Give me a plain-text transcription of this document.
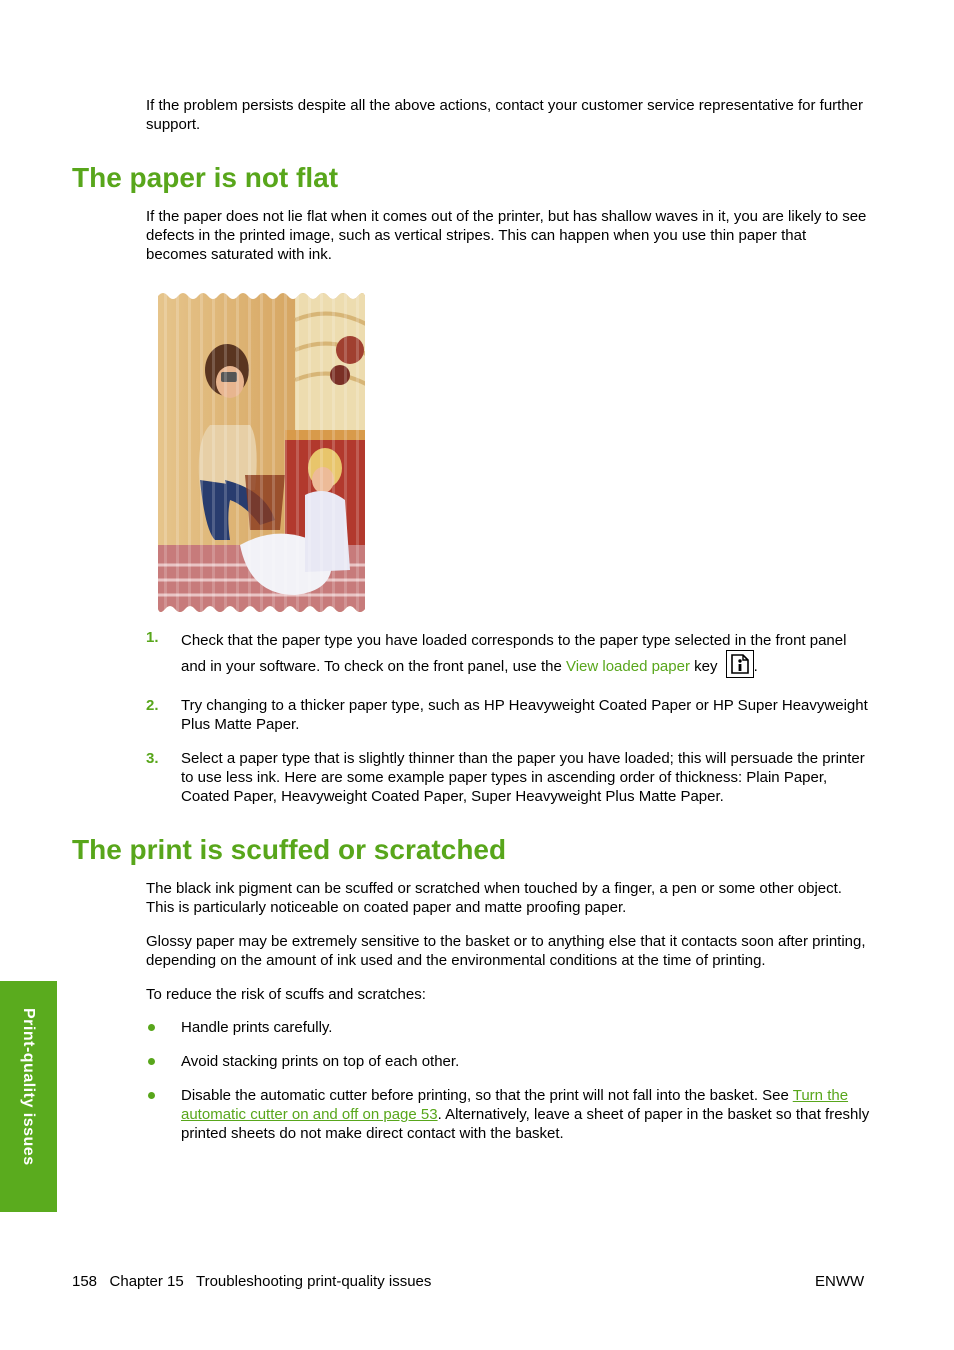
If the problem persists despite all the above actions, contact your customer service representative for further support.

The paper is not flat

If the paper does not lie flat when it comes out of the printer, but has shallow waves in it, you are likely to see defects in the printed image, such as vertical stripes. This can happen when you use thin paper that becomes saturated with ink.

1. Check that the paper type you have loaded corresponds to the paper type selected in the front panel and in your software. To check on the front panel, use the View loaded paper key .

2. Try changing to a thicker paper type, such as HP Heavyweight Coated Paper or HP Super Heavyweight Plus Matte Paper.

3. Select a paper type that is slightly thinner than the paper you have loaded; this will persuade the printer to use less ink. Here are some example paper types in ascending order of thickness: Plain Paper, Coated Paper, Heavyweight Coated Paper, Super Heavyweight Plus Matte Paper.

The print is scuffed or scratched

The black ink pigment can be scuffed or scratched when touched by a finger, a pen or some other object. This is particularly noticeable on coated paper and matte proofing paper.

Glossy paper may be extremely sensitive to the basket or to anything else that it contacts soon after printing, depending on the amount of ink used and the environmental conditions at the time of printing.

To reduce the risk of scuffs and scratches:

Handle prints carefully.

Avoid stacking prints on top of each other.

Disable the automatic cutter before printing, so that the print will not fall into the basket. See Turn the automatic cutter on and off on page 53. Alternatively, leave a sheet of paper in the basket so that freshly printed sheets do not make direct contact with the basket.

Print-quality issues
158   Chapter 15   Troubleshooting print-quality issues	ENWW
